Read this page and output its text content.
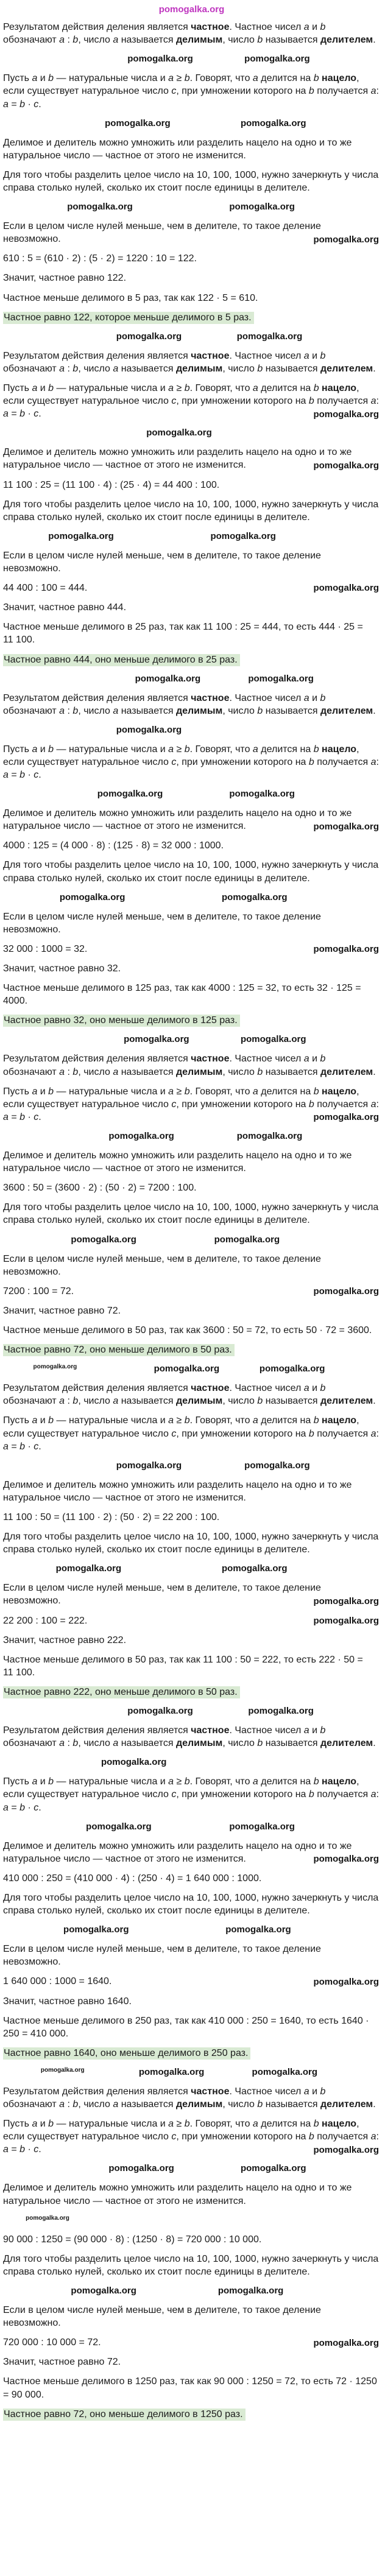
pomogalka.org

Результатом действия деления является частное. Частное чисел a и b обозначают a : b, число a называется делимым, число b называется делителем.

pomogalka.org	pomogalka.org

Пусть a и b — натуральные числа и a ≥ b. Говорят, что a делится на b нацело, если существует натуральное число c, при умножении которого на b получается a: a = b · c.

pomogalka.org	pomogalka.org

Делимое и делитель можно умножить или разделить нацело на одно и то же натуральное число — частное от этого не изменится.

Для того чтобы разделить целое число на 10, 100, 1000, нужно зачеркнуть у числа справа столько нулей, сколько их стоит после единицы в делителе.

pomogalka.org	pomogalka.org

Если в целом числе нулей меньше, чем в делителе, то такое деление невозможно.	pomogalka.org

610 : 5 = (610 · 2) : (5 · 2) = 1220 : 10 = 122.

Значит, частное равно 122.

Частное меньше делимого в 5 раз, так как 122 · 5 = 610.

Частное равно 122, которое меньше делимого в 5 раз.

pomogalka.org	pomogalka.org

Результатом действия деления является частное. Частное чисел a и b обозначают a : b, число a называется делимым, число b называется делителем.

Пусть a и b — натуральные числа и a ≥ b. Говорят, что a делится на b нацело, если существует натуральное число c, при умножении которого на b получается a: a = b · c.	pomogalka.org

pomogalka.org

Делимое и делитель можно умножить или разделить нацело на одно и то же натуральное число — частное от этого не изменится.	pomogalka.org

11 100 : 25 = (11 100 · 4) : (25 · 4) = 44 400 : 100.

Для того чтобы разделить целое число на 10, 100, 1000, нужно зачеркнуть у числа справа столько нулей, сколько их стоит после единицы в делителе.

pomogalka.org	pomogalka.org

Если в целом числе нулей меньше, чем в делителе, то такое деление невозможно.

44 400 : 100 = 444.	pomogalka.org

Значит, частное равно 444.

Частное меньше делимого в 25 раз, так как 11 100 : 25 = 444, то есть 444 · 25 = 11 100.

Частное равно 444, оно меньше делимого в 25 раз.

pomogalka.org	pomogalka.org

Результатом действия деления является частное. Частное чисел a и b обозначают a : b, число a называется делимым, число b называется делителем.

pomogalka.org

Пусть a и b — натуральные числа и a ≥ b. Говорят, что a делится на b нацело, если существует натуральное число c, при умножении которого на b получается a: a = b · c.

pomogalka.org	pomogalka.org

Делимое и делитель можно умножить или разделить нацело на одно и то же натуральное число — частное от этого не изменится.	pomogalka.org

4000 : 125 = (4 000 · 8) : (125 · 8) = 32 000 : 1000.

Для того чтобы разделить целое число на 10, 100, 1000, нужно зачеркнуть у числа справа столько нулей, сколько их стоит после единицы в делителе.

pomogalka.org	pomogalka.org

Если в целом числе нулей меньше, чем в делителе, то такое деление невозможно.

32 000 : 1000 = 32.	pomogalka.org

Значит, частное равно 32.

Частное меньше делимого в 125 раз, так как 4000 : 125 = 32, то есть 32 · 125 = 4000.

Частное равно 32, оно меньше делимого в 125 раз.

pomogalka.org	pomogalka.org

Результатом действия деления является частное. Частное чисел a и b обозначают a : b, число a называется делимым, число b называется делителем.

Пусть a и b — натуральные числа и a ≥ b. Говорят, что a делится на b нацело, если существует натуральное число c, при умножении которого на b получается a: a = b · c.	pomogalka.org

pomogalka.org	pomogalka.org

Делимое и делитель можно умножить или разделить нацело на одно и то же натуральное число — частное от этого не изменится.

3600 : 50 = (3600 · 2) : (50 · 2) = 7200 : 100.

Для того чтобы разделить целое число на 10, 100, 1000, нужно зачеркнуть у числа справа столько нулей, сколько их стоит после единицы в делителе.

pomogalka.org	pomogalka.org

Если в целом числе нулей меньше, чем в делителе, то такое деление невозможно.

7200 : 100 = 72.	pomogalka.org

Значит, частное равно 72.

Частное меньше делимого в 50 раз, так как 3600 : 50 = 72, то есть 50 · 72 = 3600.

Частное равно 72, оно меньше делимого в 50 раз.

pomogalka.org	pomogalka.org	pomogalka.org

Результатом действия деления является частное. Частное чисел a и b обозначают a : b, число a называется делимым, число b называется делителем.

Пусть a и b — натуральные числа и a ≥ b. Говорят, что a делится на b нацело, если существует натуральное число c, при умножении которого на b получается a: a = b · c.

pomogalka.org	pomogalka.org

Делимое и делитель можно умножить или разделить нацело на одно и то же натуральное число — частное от этого не изменится.

11 100 : 50 = (11 100 · 2) : (50 · 2) = 22 200 : 100.

Для того чтобы разделить целое число на 10, 100, 1000, нужно зачеркнуть у числа справа столько нулей, сколько их стоит после единицы в делителе.

pomogalka.org	pomogalka.org

Если в целом числе нулей меньше, чем в делителе, то такое деление невозможно.	pomogalka.org

22 200 : 100 = 222.	pomogalka.org

Значит, частное равно 222.

Частное меньше делимого в 50 раз, так как 11 100 : 50 = 222, то есть 222 · 50 = 11 100.

Частное равно 222, оно меньше делимого в 50 раз.

pomogalka.org	pomogalka.org

Результатом действия деления является частное. Частное чисел a и b обозначают a : b, число a называется делимым, число b называется делителем.

pomogalka.org

Пусть a и b — натуральные числа и a ≥ b. Говорят, что a делится на b нацело, если существует натуральное число c, при умножении которого на b получается a: a = b · c.

pomogalka.org	pomogalka.org

Делимое и делитель можно умножить или разделить нацело на одно и то же натуральное число — частное от этого не изменится.	pomogalka.org

410 000 : 250 = (410 000 · 4) : (250 · 4) = 1 640 000 : 1000.

Для того чтобы разделить целое число на 10, 100, 1000, нужно зачеркнуть у числа справа столько нулей, сколько их стоит после единицы в делителе.

pomogalka.org	pomogalka.org

Если в целом числе нулей меньше, чем в делителе, то такое деление невозможно.

1 640 000 : 1000 = 1640.	pomogalka.org

Значит, частное равно 1640.

Частное меньше делимого в 250 раз, так как 410 000 : 250 = 1640, то есть 1640 · 250 = 410 000.

Частное равно 1640, оно меньше делимого в 250 раз.

pomogalka.org	pomogalka.org	pomogalka.org

Результатом действия деления является частное. Частное чисел a и b обозначают a : b, число a называется делимым, число b называется делителем.

Пусть a и b — натуральные числа и a ≥ b. Говорят, что a делится на b нацело, если существует натуральное число c, при умножении которого на b получается a: a = b · c.	pomogalka.org

pomogalka.org	pomogalka.org

Делимое и делитель можно умножить или разделить нацело на одно и то же натуральное число — частное от этого не изменится.

pomogalka.org

90 000 : 1250 = (90 000 · 8) : (1250 · 8) = 720 000 : 10 000.

Для того чтобы разделить целое число на 10, 100, 1000, нужно зачеркнуть у числа справа столько нулей, сколько их стоит после единицы в делителе.

pomogalka.org	pomogalka.org

Если в целом числе нулей меньше, чем в делителе, то такое деление невозможно.

720 000 : 10 000 = 72.	pomogalka.org

Значит, частное равно 72.

Частное меньше делимого в 1250 раз, так как 90 000 : 1250 = 72, то есть 72 · 1250 = 90 000.

Частное равно 72, оно меньше делимого в 1250 раз.
